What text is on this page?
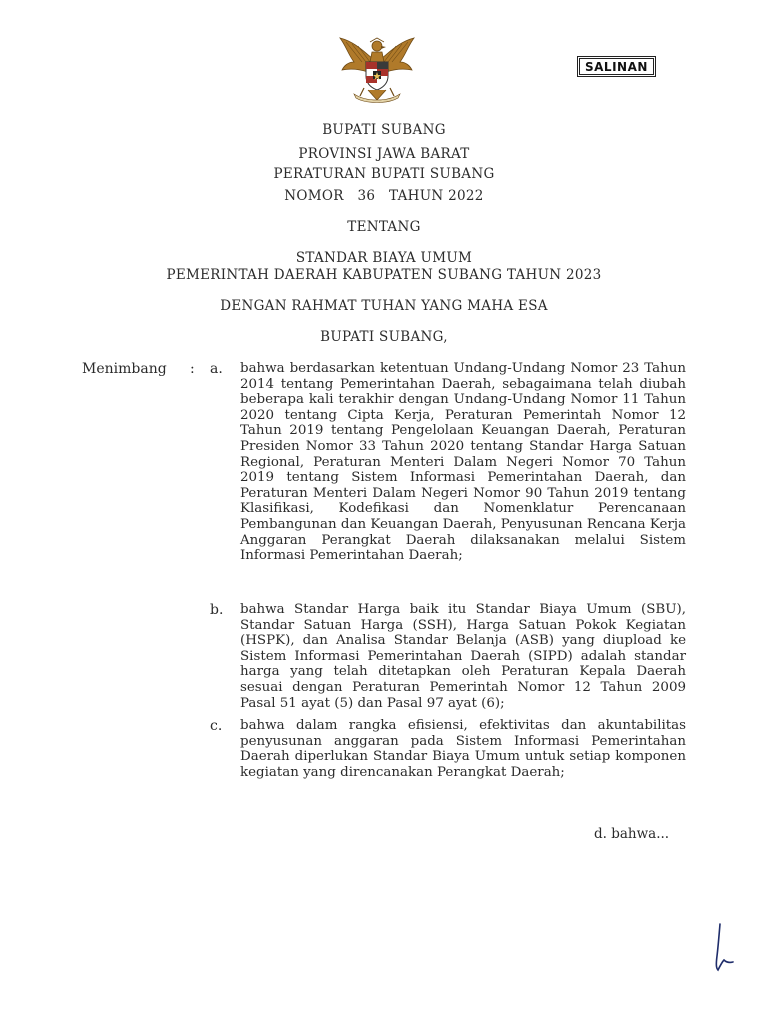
SALINAN
BUPATI SUBANG
PROVINSI JAWA BARAT
PERATURAN BUPATI SUBANG
NOMOR   36   TAHUN 2022
TENTANG
STANDAR BIAYA UMUM
PEMERINTAH DAERAH KABUPATEN SUBANG TAHUN 2023
DENGAN RAHMAT TUHAN YANG MAHA ESA
BUPATI SUBANG,
Menimbang : a. bahwa berdasarkan ketentuan Undang-Undang Nomor 23 Tahun 2014 tentang Pemerintahan Daerah, sebagaimana telah diubah beberapa kali terakhir dengan Undang-Undang Nomor 11 Tahun 2020 tentang Cipta Kerja, Peraturan Pemerintah Nomor 12 Tahun 2019 tentang Pengelolaan Keuangan Daerah, Peraturan Presiden Nomor 33 Tahun 2020 tentang Standar Harga Satuan Regional, Peraturan Menteri Dalam Negeri Nomor 70 Tahun 2019 tentang Sistem Informasi Pemerintahan Daerah, dan Peraturan Menteri Dalam Negeri Nomor 90 Tahun 2019 tentang Klasifikasi, Kodefikasi dan Nomenklatur Perencanaan Pembangunan dan Keuangan Daerah, Penyusunan Rencana Kerja Anggaran Perangkat Daerah dilaksanakan melalui Sistem Informasi Pemerintahan Daerah;
b. bahwa Standar Harga baik itu Standar Biaya Umum (SBU), Standar Satuan Harga (SSH), Harga Satuan Pokok Kegiatan (HSPK), dan Analisa Standar Belanja (ASB) yang diupload ke Sistem Informasi Pemerintahan Daerah (SIPD) adalah standar harga yang telah ditetapkan oleh Peraturan Kepala Daerah sesuai dengan Peraturan Pemerintah Nomor 12 Tahun 2009 Pasal 51 ayat (5) dan Pasal 97 ayat (6);
c. bahwa dalam rangka efisiensi, efektivitas dan akuntabilitas penyusunan anggaran pada Sistem Informasi Pemerintahan Daerah diperlukan Standar Biaya Umum untuk setiap komponen kegiatan yang direncanakan Perangkat Daerah;
d. bahwa...
